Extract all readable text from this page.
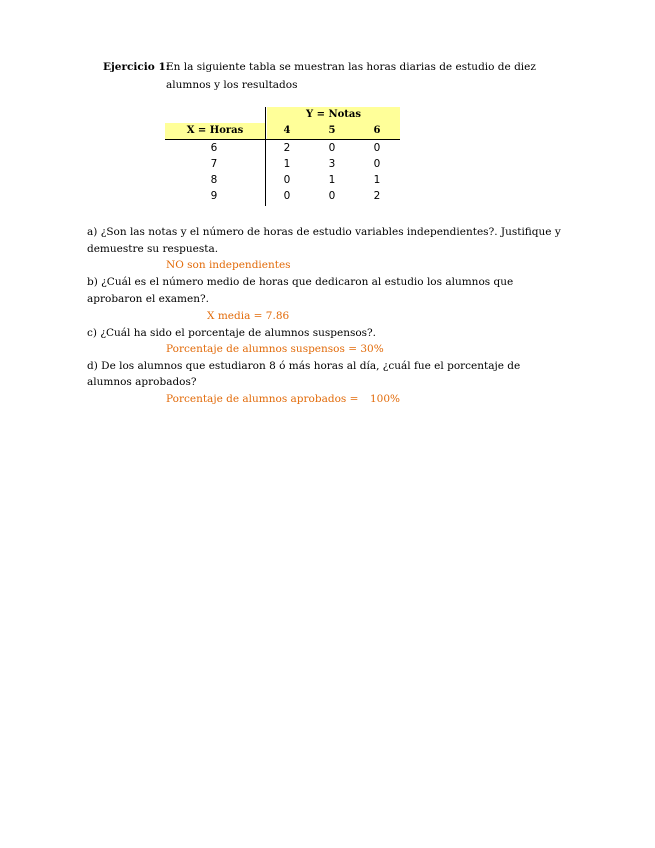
Ejercicio 1:
En la siguiente tabla se muestran las horas diarias de estudio de diez
alumnos y los resultados
Y = Notas
X = Horas	4	5	6
6	2	0	0
7	1	3	0
8	0	1	1
9	0	0	2
a) ¿Son las notas y el número de horas de estudio variables independientes?. Justifique y
demuestre su respuesta.
NO son independientes
b) ¿Cuál es el número medio de horas que dedicaron al estudio los alumnos que
aprobaron el examen?.
X media = 7.86
c) ¿Cuál ha sido el porcentaje de alumnos suspensos?.
Porcentaje de alumnos suspensos = 30%
d) De los alumnos que estudiaron 8 ó más horas al día, ¿cuál fue el porcentaje de
alumnos aprobados?
Porcentaje de alumnos aprobados = 100%
